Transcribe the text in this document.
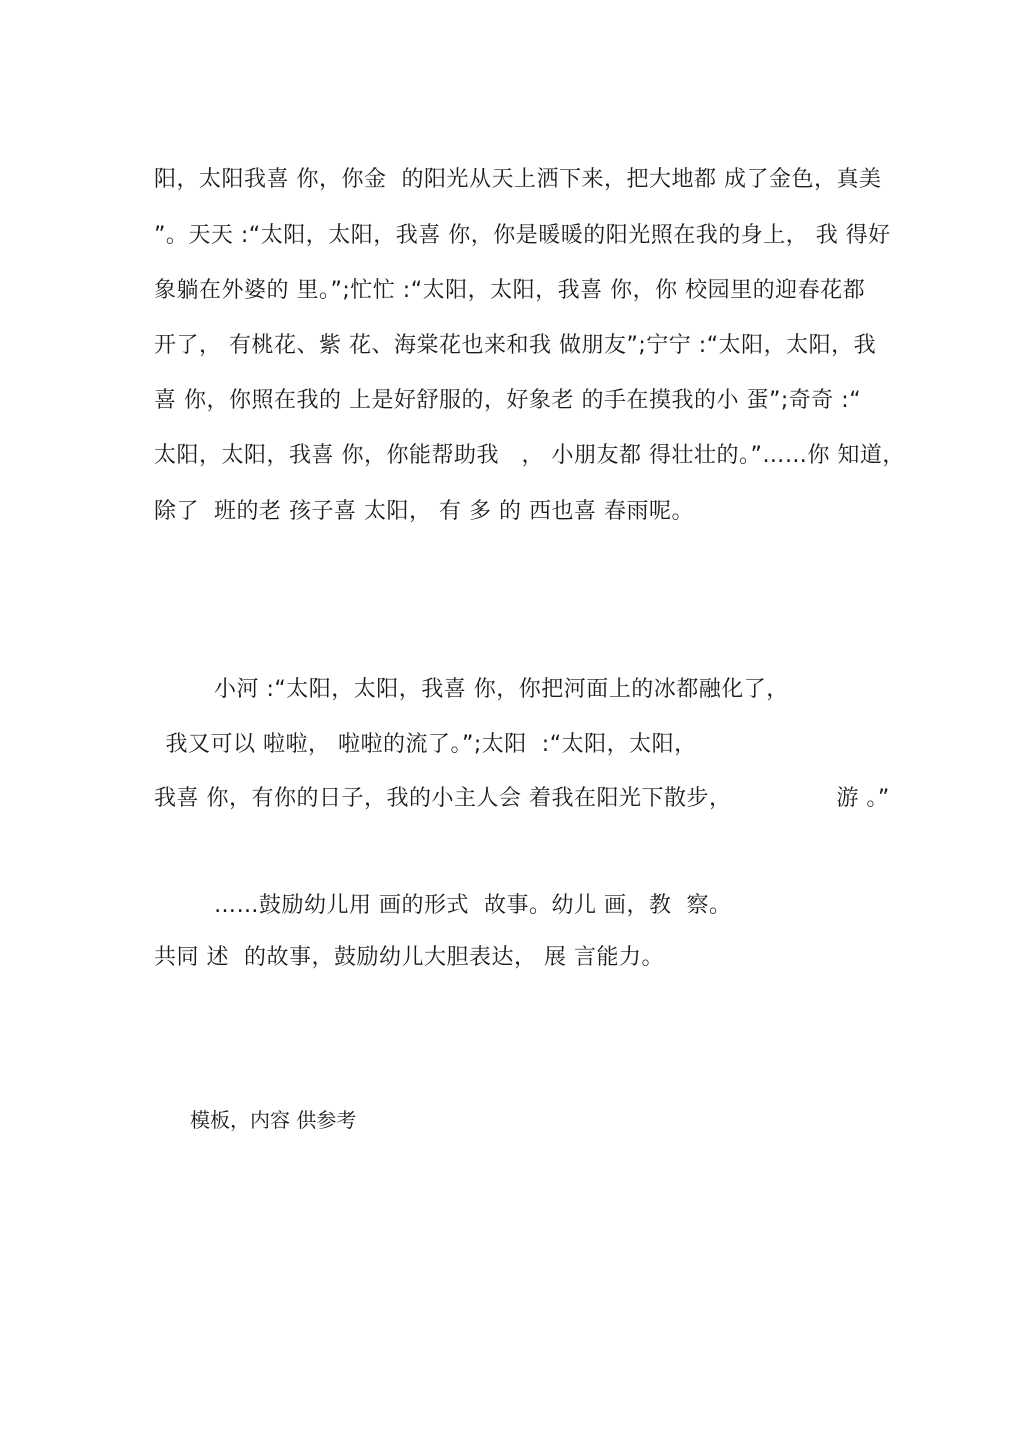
阳，太阳我喜 你，你金  的阳光从天上洒下来，把大地都 成了金色，真美
”。天天 :“太阳，太阳，我喜 你，你是暖暖的阳光照在我的身上， 我 得好
象躺在外婆的 里。”;忙忙 :“太阳，太阳，我喜 你，你 校园里的迎春花都
开了， 有桃花、紫 花、海棠花也来和我 做朋友”;宁宁 :“太阳，太阳，我
喜 你，你照在我的 上是好舒服的，好象老 的手在摸我的小 蛋”;奇奇 :“
太阳，太阳，我喜 你，你能帮助我   ， 小朋友都 得壮壮的。”……你 知道，
除了  班的老 孩子喜 太阳， 有 多 的 西也喜 春雨呢。
小河 :“太阳，太阳，我喜 你，你把河面上的冰都融化了，
我又可以 啦啦， 啦啦的流了。”;太阳  :“太阳，太阳，
我喜 你，有你的日子，我的小主人会 着我在阳光下散步，              游 。”
……鼓励幼儿用 画的形式  故事。幼儿 画，教  察。
共同 述  的故事，鼓励幼儿大胆表达， 展 言能力。
模板，内容 供参考
